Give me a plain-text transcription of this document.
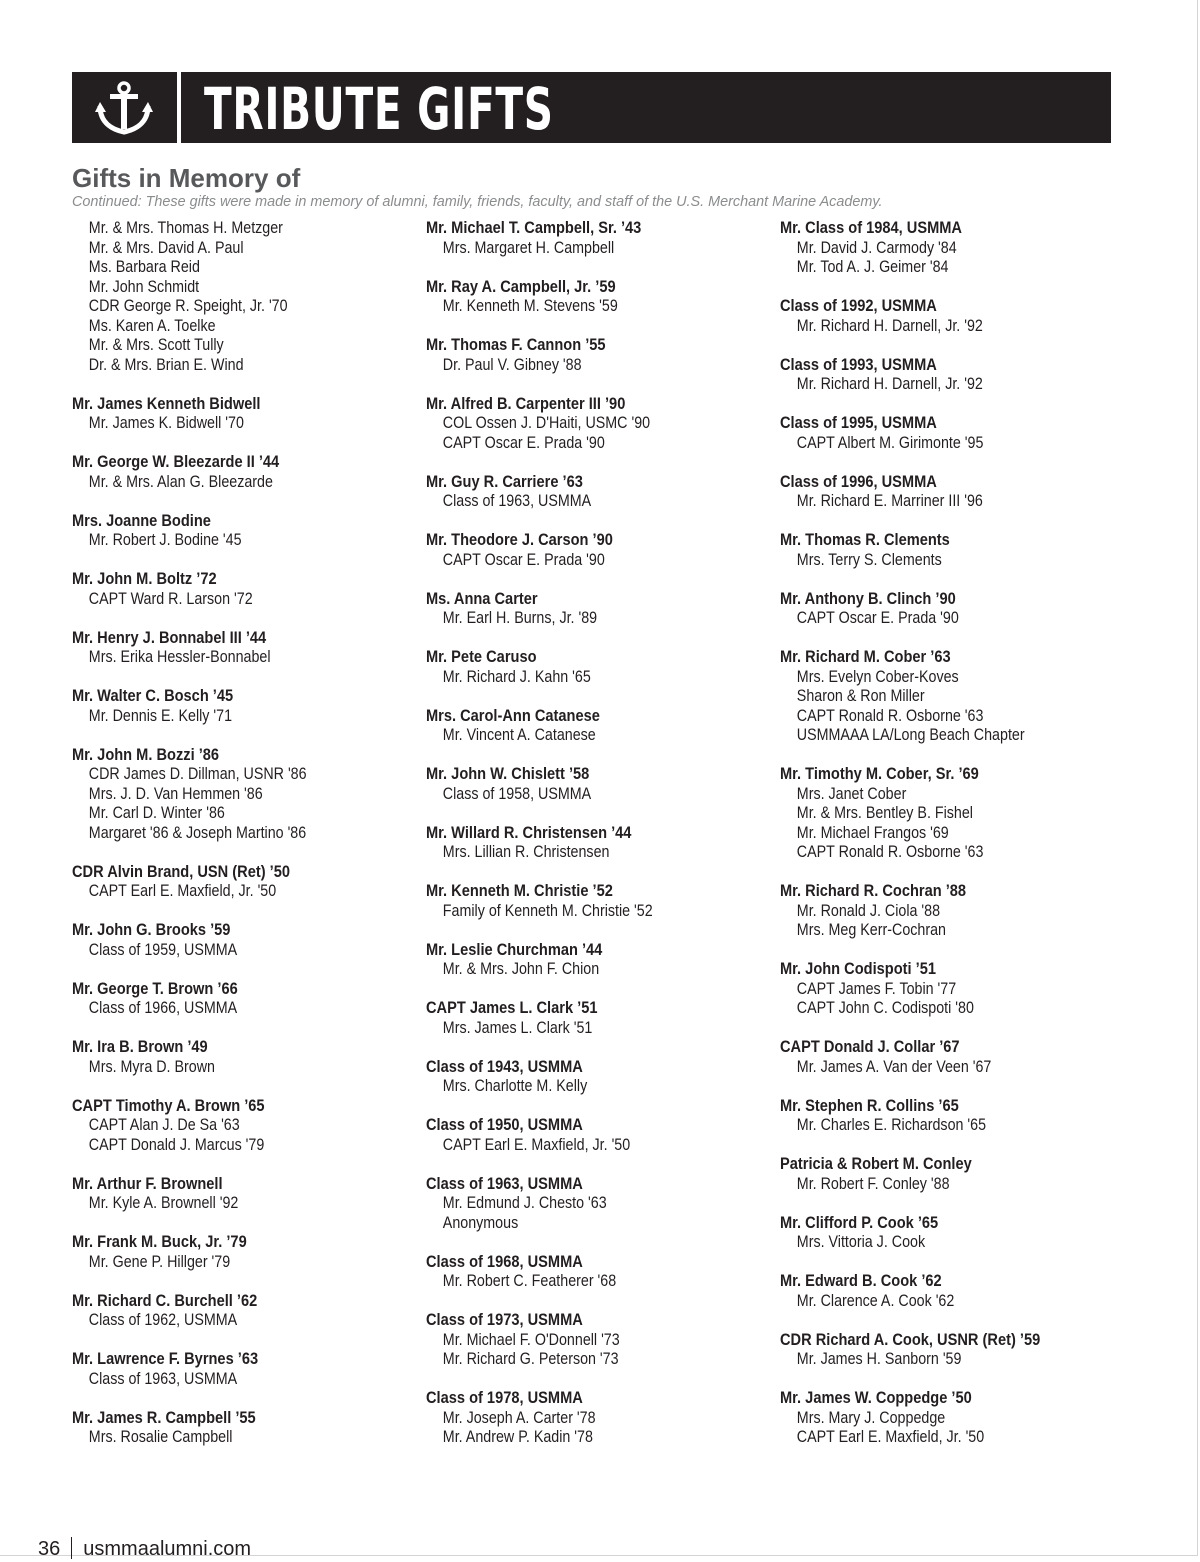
TRIBUTE GIFTS
Gifts in Memory of

Continued: These gifts were made in memory of alumni, family, friends, faculty, and staff of the U.S. Merchant Marine Academy.

Mr. & Mrs. Thomas H. Metzger
Mr. & Mrs. David A. Paul
Ms. Barbara Reid
Mr. John Schmidt
CDR George R. Speight, Jr. '70
Ms. Karen A. Toelke
Mr. & Mrs. Scott Tully
Dr. & Mrs. Brian E. Wind
Mr. James Kenneth Bidwell
Mr. James K. Bidwell '70
Mr. George W. Bleezarde II ’44
Mr. & Mrs. Alan G. Bleezarde
Mrs. Joanne Bodine
Mr. Robert J. Bodine '45
Mr. John M. Boltz ’72
CAPT Ward R. Larson '72
Mr. Henry J. Bonnabel III ’44
Mrs. Erika Hessler-Bonnabel
Mr. Walter C. Bosch ’45
Mr. Dennis E. Kelly '71
Mr. John M. Bozzi ’86
CDR James D. Dillman, USNR '86
Mrs. J. D. Van Hemmen '86
Mr. Carl D. Winter '86
Margaret '86 & Joseph Martino '86
CDR Alvin Brand, USN (Ret) ’50
CAPT Earl E. Maxfield, Jr. '50
Mr. John G. Brooks ’59
Class of 1959, USMMA
Mr. George T. Brown ’66
Class of 1966, USMMA
Mr. Ira B. Brown ’49
Mrs. Myra D. Brown
CAPT Timothy A. Brown ’65
CAPT Alan J. De Sa '63
CAPT Donald J. Marcus '79
Mr. Arthur F. Brownell
Mr. Kyle A. Brownell '92
Mr. Frank M. Buck, Jr. ’79
Mr. Gene P. Hillger '79
Mr. Richard C. Burchell ’62
Class of 1962, USMMA
Mr. Lawrence F. Byrnes ’63
Class of 1963, USMMA
Mr. James R. Campbell ’55
Mrs. Rosalie Campbell
Mr. Michael T. Campbell, Sr. ’43
Mrs. Margaret H. Campbell
Mr. Ray A. Campbell, Jr. ’59
Mr. Kenneth M. Stevens '59
Mr. Thomas F. Cannon ’55
Dr. Paul V. Gibney '88
Mr. Alfred B. Carpenter III ’90
COL Ossen J. D'Haiti, USMC '90
CAPT Oscar E. Prada '90
Mr. Guy R. Carriere ’63
Class of 1963, USMMA
Mr. Theodore J. Carson ’90
CAPT Oscar E. Prada '90
Ms. Anna Carter
Mr. Earl H. Burns, Jr. '89
Mr. Pete Caruso
Mr. Richard J. Kahn '65
Mrs. Carol-Ann Catanese
Mr. Vincent A. Catanese
Mr. John W. Chislett ’58
Class of 1958, USMMA
Mr. Willard R. Christensen ’44
Mrs. Lillian R. Christensen
Mr. Kenneth M. Christie ’52
Family of Kenneth M. Christie '52
Mr. Leslie Churchman ’44
Mr. & Mrs. John F. Chion
CAPT James L. Clark ’51
Mrs. James L. Clark '51
Class of 1943, USMMA
Mrs. Charlotte M. Kelly
Class of 1950, USMMA
CAPT Earl E. Maxfield, Jr. '50
Class of 1963, USMMA
Mr. Edmund J. Chesto '63
Anonymous
Class of 1968, USMMA
Mr. Robert C. Featherer '68
Class of 1973, USMMA
Mr. Michael F. O'Donnell '73
Mr. Richard G. Peterson '73
Class of 1978, USMMA
Mr. Joseph A. Carter '78
Mr. Andrew P. Kadin '78
Mr. Class of 1984, USMMA
Mr. David J. Carmody '84
Mr. Tod A. J. Geimer '84
Class of 1992, USMMA
Mr. Richard H. Darnell, Jr. '92
Class of 1993, USMMA
Mr. Richard H. Darnell, Jr. '92
Class of 1995, USMMA
CAPT Albert M. Girimonte '95
Class of 1996, USMMA
Mr. Richard E. Marriner III '96
Mr. Thomas R. Clements
Mrs. Terry S. Clements
Mr. Anthony B. Clinch ’90
CAPT Oscar E. Prada '90
Mr. Richard M. Cober ’63
Mrs. Evelyn Cober-Koves
Sharon & Ron Miller
CAPT Ronald R. Osborne '63
USMMAAA LA/Long Beach Chapter
Mr. Timothy M. Cober, Sr. ’69
Mrs. Janet Cober
Mr. & Mrs. Bentley B. Fishel
Mr. Michael Frangos '69
CAPT Ronald R. Osborne '63
Mr. Richard R. Cochran ’88
Mr. Ronald J. Ciola '88
Mrs. Meg Kerr-Cochran
Mr. John Codispoti ’51
CAPT James F. Tobin '77
CAPT John C. Codispoti '80
CAPT Donald J. Collar ’67
Mr. James A. Van der Veen '67
Mr. Stephen R. Collins ’65
Mr. Charles E. Richardson '65
Patricia & Robert M. Conley
Mr. Robert F. Conley '88
Mr. Clifford P. Cook ’65
Mrs. Vittoria J. Cook
Mr. Edward B. Cook ’62
Mr. Clarence A. Cook '62
CDR Richard A. Cook, USNR (Ret) ’59
Mr. James H. Sanborn '59
Mr. James W. Coppedge ’50
Mrs. Mary J. Coppedge
CAPT Earl E. Maxfield, Jr. '50
36 usmmaalumni.com
